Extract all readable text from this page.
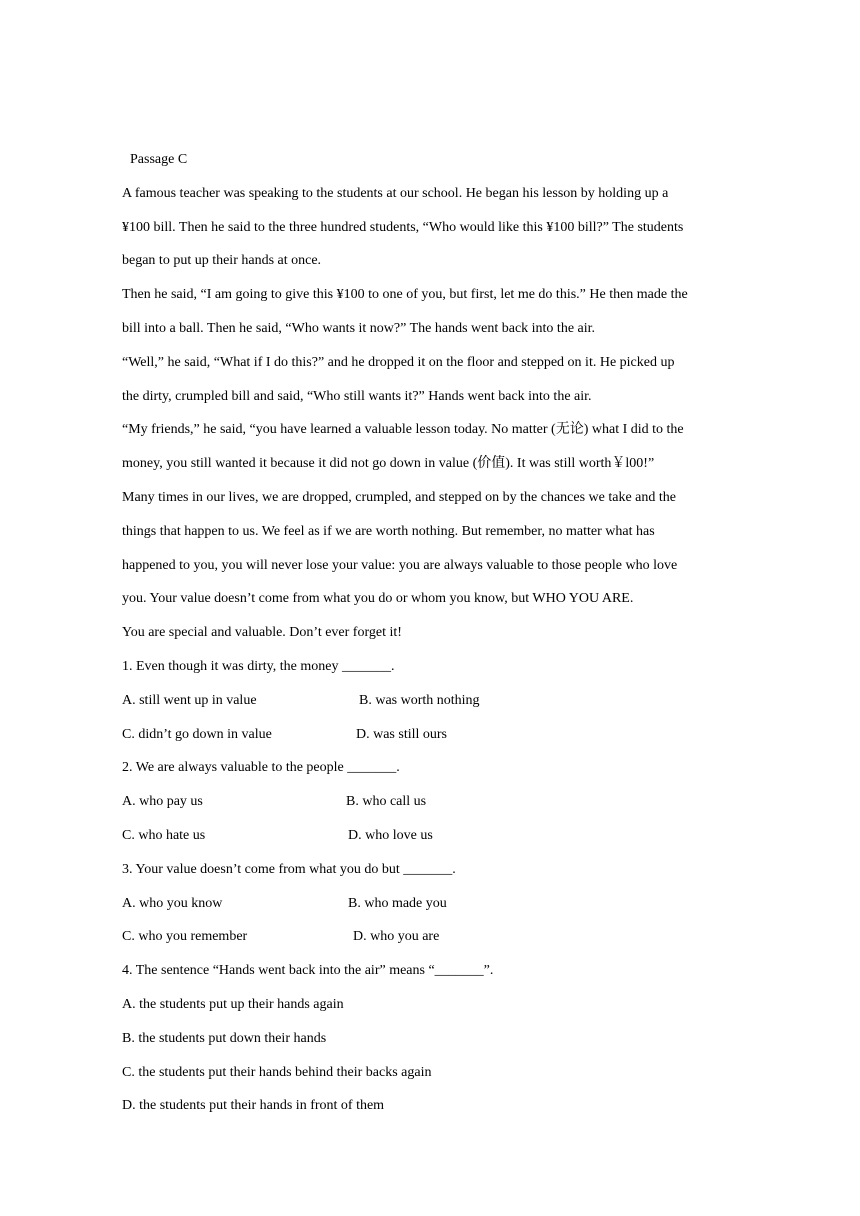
Passage C
A famous teacher was speaking to the students at our school. He began his lesson by holding up a
¥100 bill. Then he said to the three hundred students, “Who would like this ¥100 bill?” The students
began to put up their hands at once.
Then he said, “I am going to give this ¥100 to one of you, but first, let me do this.” He then made the
bill into a ball. Then he said, “Who wants it now?” The hands went back into the air.
“Well,” he said, “What if I do this?” and he dropped it on the floor and stepped on it. He picked up
the dirty, crumpled bill and said, “Who still wants it?” Hands went back into the air.
“My friends,” he said, “you have learned a valuable lesson today. No matter (无论) what I did to the
money, you still wanted it because it did not go down in value (价值). It was still worth￥l00!”
Many times in our lives, we are dropped, crumpled, and stepped on by the chances we take and the
things that happen to us. We feel as if we are worth nothing. But remember, no matter what has
happened to you, you will never lose your value: you are always valuable to those people who love
you. Your value doesn’t come from what you do or whom you know, but WHO YOU ARE.
You are special and valuable. Don’t ever forget it!
1. Even though it was dirty, the money _______.
A. still went up in value	B. was worth nothing
C. didn’t go down in value	D. was still ours
2. We are always valuable to the people _______.
A. who pay us	B. who call us
C. who hate us	D. who love us
3. Your value doesn’t come from what you do but _______.
A. who you know	B. who made you
C. who you remember	D. who you are
4. The sentence “Hands went back into the air” means “_______”.
A. the students put up their hands again
B. the students put down their hands
C. the students put their hands behind their backs again
D. the students put their hands in front of them
